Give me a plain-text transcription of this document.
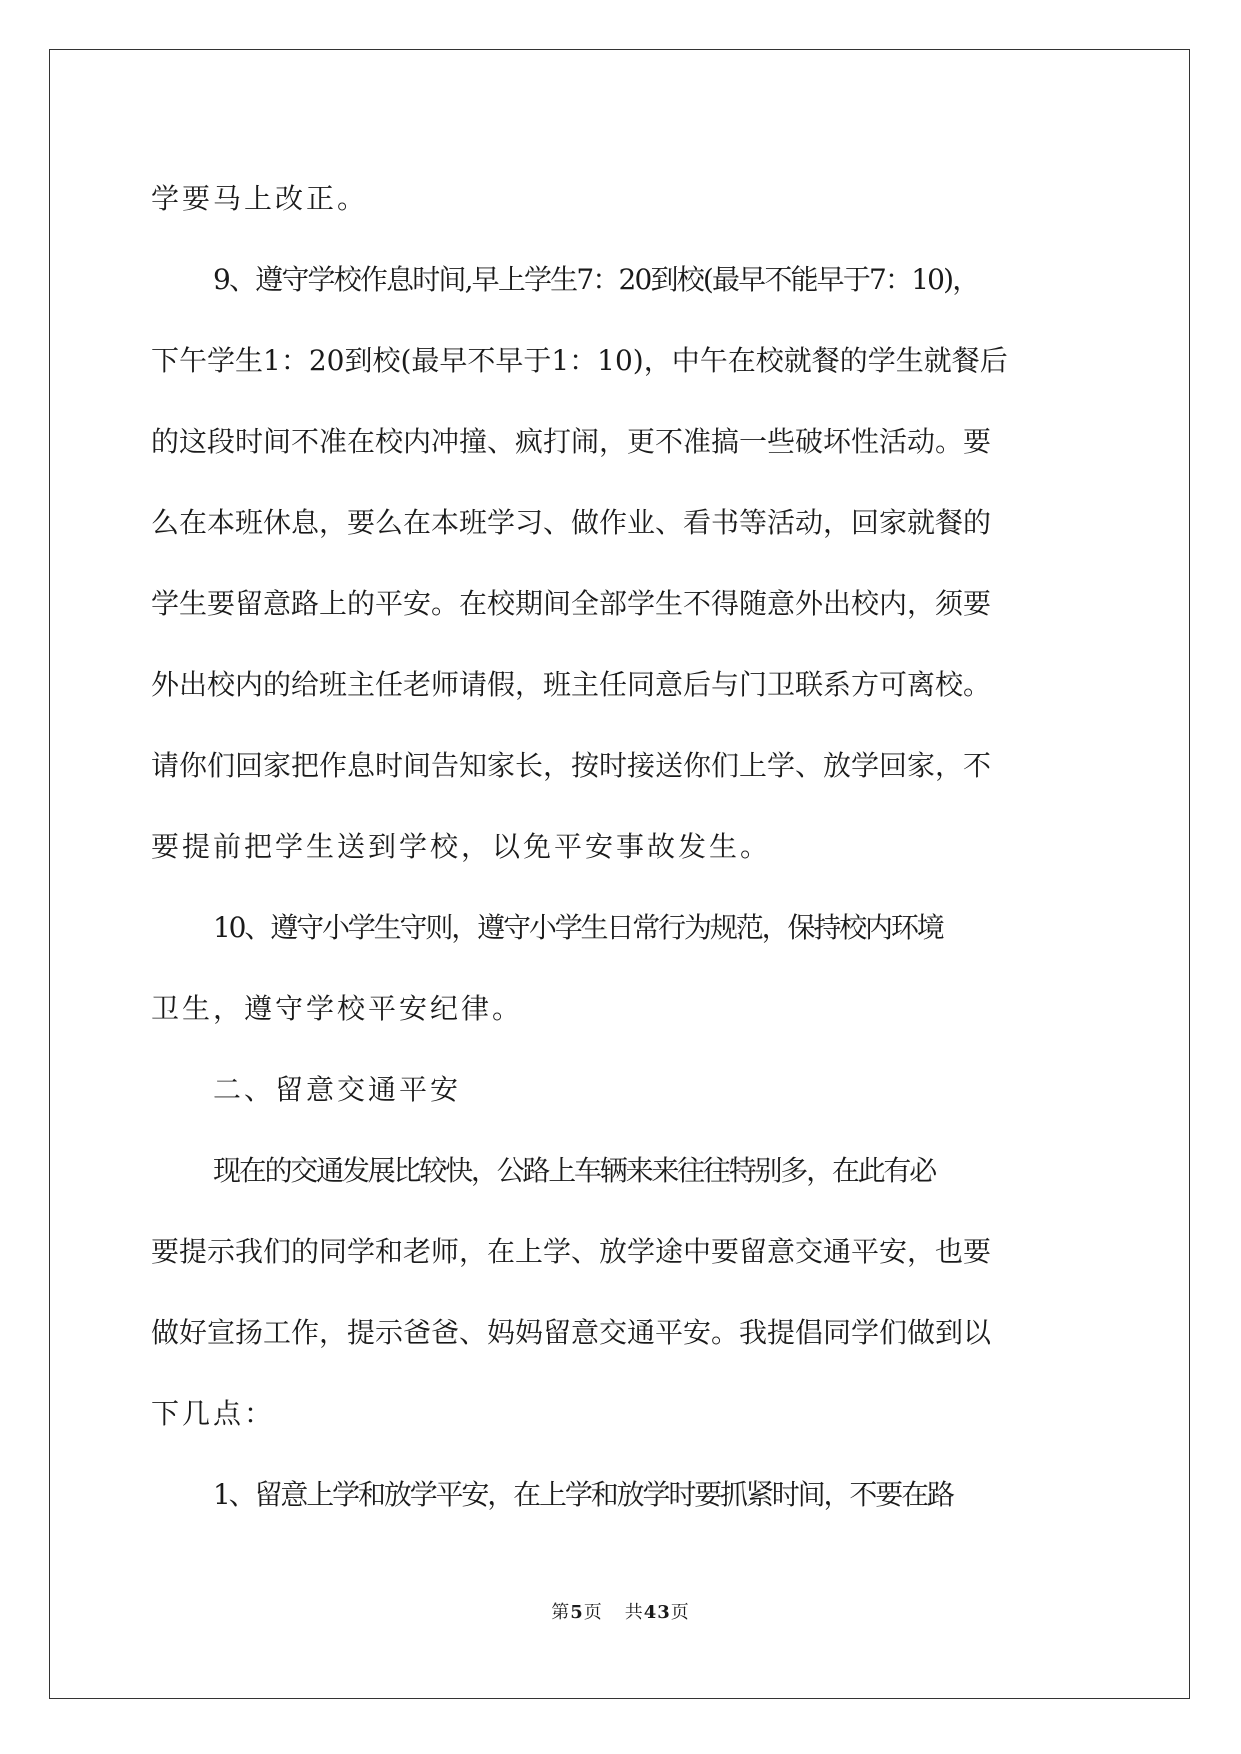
学要马上改正。

9、遵守学校作息时间,早上学生7：20到校(最早不能早于7：10)，

下午学生1：20到校(最早不早于1：10)，中午在校就餐的学生就餐后

的这段时间不准在校内冲撞、疯打闹，更不准搞一些破坏性活动。要

么在本班休息，要么在本班学习、做作业、看书等活动，回家就餐的

学生要留意路上的平安。在校期间全部学生不得随意外出校内，须要

外出校内的给班主任老师请假，班主任同意后与门卫联系方可离校。

请你们回家把作息时间告知家长，按时接送你们上学、放学回家，不

要提前把学生送到学校，以免平安事故发生。

10、遵守小学生守则，遵守小学生日常行为规范，保持校内环境

卫生，遵守学校平安纪律。

二、留意交通平安

现在的交通发展比较快，公路上车辆来来往往特别多，在此有必

要提示我们的同学和老师，在上学、放学途中要留意交通平安，也要

做好宣扬工作，提示爸爸、妈妈留意交通平安。我提倡同学们做到以

下几点：

1、留意上学和放学平安，在上学和放学时要抓紧时间，不要在路

第5页 共43页
